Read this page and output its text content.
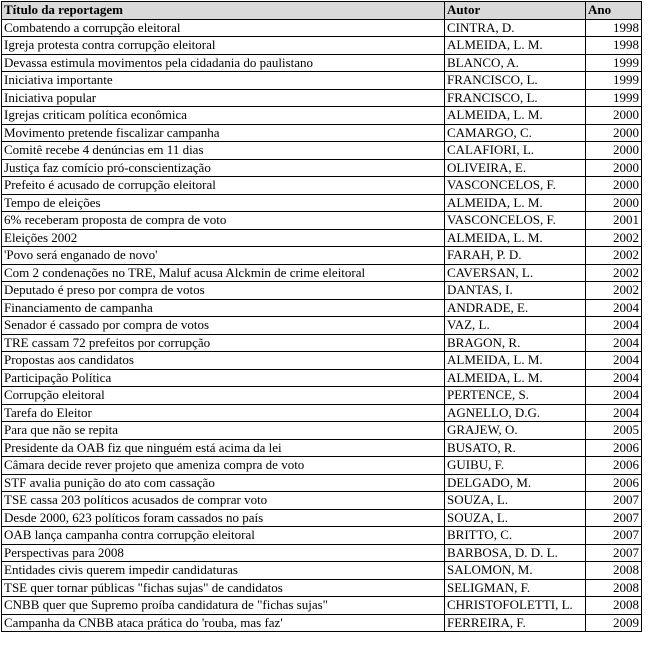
Título da reportagem	Autor	Ano
Combatendo a corrupção eleitoral	CINTRA, D.	1998
Igreja protesta contra corrupção eleitoral	ALMEIDA, L. M.	1998
Devassa estimula movimentos pela cidadania do paulistano	BLANCO, A.	1999
Iniciativa importante	FRANCISCO, L.	1999
Iniciativa popular	FRANCISCO, L.	1999
Igrejas criticam política econômica	ALMEIDA, L. M.	2000
Movimento pretende fiscalizar campanha	CAMARGO, C.	2000
Comitê recebe 4 denúncias em 11 dias	CALAFIORI, L.	2000
Justiça faz comício pró-conscientização	OLIVEIRA, E.	2000
Prefeito é acusado de corrupção eleitoral	VASCONCELOS, F.	2000
Tempo de eleições	ALMEIDA, L. M.	2000
6% receberam proposta de compra de voto	VASCONCELOS, F.	2001
Eleições 2002	ALMEIDA, L. M.	2002
'Povo será enganado de novo'	FARAH, P. D.	2002
Com 2 condenações no TRE, Maluf acusa Alckmin de crime eleitoral	CAVERSAN, L.	2002
Deputado é preso por compra de votos	DANTAS, I.	2002
Financiamento de campanha	ANDRADE, E.	2004
Senador é cassado por compra de votos	VAZ, L.	2004
TRE cassam 72 prefeitos por corrupção	BRAGON, R.	2004
Propostas aos candidatos	ALMEIDA, L. M.	2004
Participação Política	ALMEIDA, L. M.	2004
Corrupção eleitoral	PERTENCE, S.	2004
Tarefa do Eleitor	AGNELLO, D.G.	2004
Para que não se repita	GRAJEW, O.	2005
Presidente da OAB fiz que ninguém está acima da lei	BUSATO, R.	2006
Câmara decide rever projeto que ameniza compra de voto	GUIBU, F.	2006
STF avalia punição do ato com cassação	DELGADO, M.	2006
TSE cassa 203 políticos acusados de comprar voto	SOUZA, L.	2007
Desde 2000, 623 políticos foram cassados no país	SOUZA, L.	2007
OAB lança campanha contra corrupção eleitoral	BRITTO, C.	2007
Perspectivas para 2008	BARBOSA, D. D. L.	2007
Entidades civis querem impedir candidaturas	SALOMON, M.	2008
TSE quer tornar públicas "fichas sujas" de candidatos	SELIGMAN, F.	2008
CNBB quer que Supremo proíba candidatura de "fichas sujas"	CHRISTOFOLETTI, L.	2008
Campanha da CNBB ataca prática do 'rouba, mas faz'	FERREIRA, F.	2009
